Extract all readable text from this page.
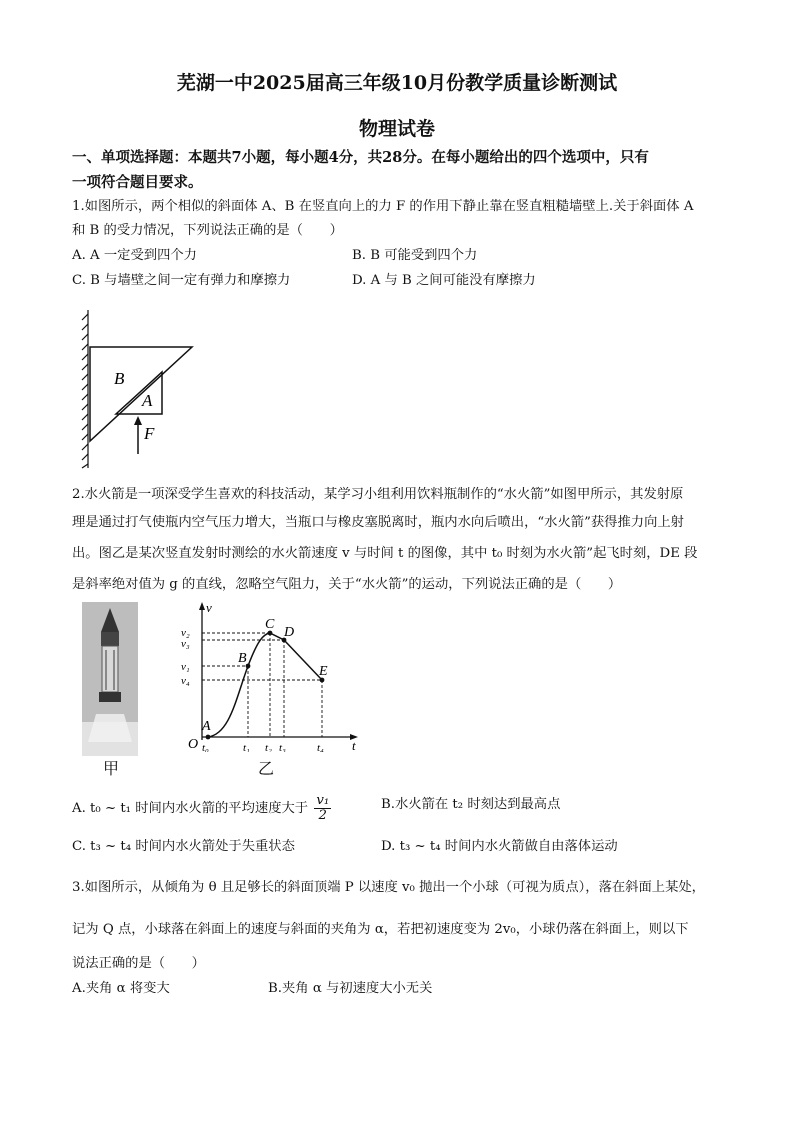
芜湖一中2025届高三年级10月份教学质量诊断测试
物理试卷
一、单项选择题：本题共7小题，每小题4分，共28分。在每小题给出的四个选项中，只有
一项符合题目要求。
1.如图所示，两个相似的斜面体 A、B 在竖直向上的力 F 的作用下静止靠在竖直粗糙墙壁上.关于斜面体 A
和 B 的受力情况，下列说法正确的是（　　）
A. A 一定受到四个力	B. B 可能受到四个力
C. B 与墙壁之间一定有弹力和摩擦力	D. A 与 B 之间可能没有摩擦力
B
A
F
2.水火箭是一项深受学生喜欢的科技活动，某学习小组利用饮料瓶制作的“水火箭”如图甲所示，其发射原
理是通过打气使瓶内空气压力增大，当瓶口与橡皮塞脱离时，瓶内水向后喷出，“水火箭”获得推力向上射
出。图乙是某次竖直发射时测绘的水火箭速度 v 与时间 t 的图像，其中 t₀ 时刻为水火箭”起飞时刻，DE 段
是斜率绝对值为 g 的直线，忽略空气阻力，关于“水火箭”的运动，下列说法正确的是（　　）
甲
v
t
O
A
B
C
D
E
v₂
v₃
v₁
v₄
t₀	t₁ t₂ t₃	t₄
乙
A. t₀ ~ t₁ 时间内水火箭的平均速度大于 $\frac{\text{v₁}}{2}$	B.水火箭在 t₂ 时刻达到最高点
C. t₃ ~ t₄ 时间内水火箭处于失重状态	D. t₃ ~ t₄ 时间内水火箭做自由落体运动
3.如图所示，从倾角为 θ 且足够长的斜面顶端 P 以速度 v₀ 抛出一个小球（可视为质点），落在斜面上某处，
记为 Q 点，小球落在斜面上的速度与斜面的夹角为 α，若把初速度变为 2v₀，小球仍落在斜面上，则以下
说法正确的是（　　）
A.夹角 α 将变大	B.夹角 α 与初速度大小无关
